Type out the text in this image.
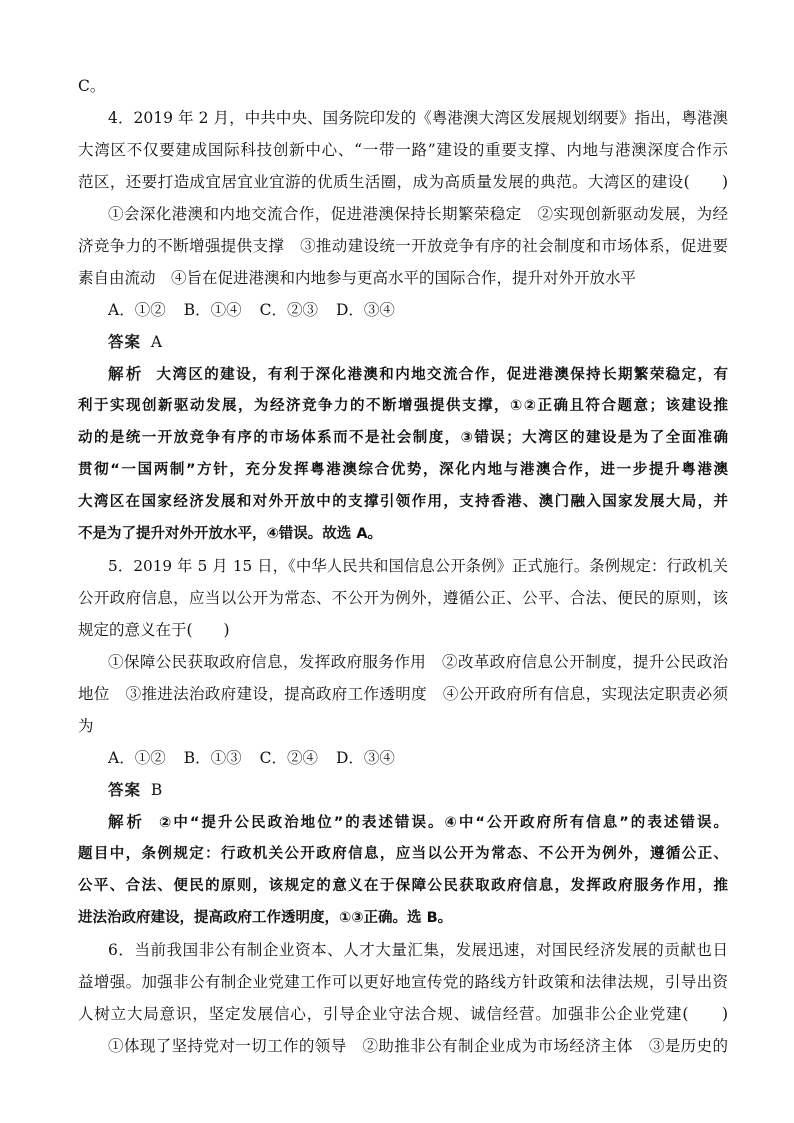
C。
4．2019 年 2 月，中共中央、国务院印发的《粤港澳大湾区发展规划纲要》指出，粤港澳
大湾区不仅要建成国际科技创新中心、“一带一路”建设的重要支撑、内地与港澳深度合作示
范区，还要打造成宜居宜业宜游的优质生活圈，成为高质量发展的典范。大湾区的建设(　　)
①会深化港澳和内地交流合作，促进港澳保持长期繁荣稳定　②实现创新驱动发展，为经
济竞争力的不断增强提供支撑　③推动建设统一开放竞争有序的社会制度和市场体系，促进要
素自由流动　④旨在促进港澳和内地参与更高水平的国际合作，提升对外开放水平
A．①② B．①④ C．②③ D．③④
答案 A
解析 大湾区的建设，有利于深化港澳和内地交流合作，促进港澳保持长期繁荣稳定，有
利于实现创新驱动发展，为经济竞争力的不断增强提供支撑，①②正确且符合题意；该建设推
动的是统一开放竞争有序的市场体系而不是社会制度，③错误；大湾区的建设是为了全面准确
贯彻“一国两制”方针，充分发挥粤港澳综合优势，深化内地与港澳合作，进一步提升粤港澳
大湾区在国家经济发展和对外开放中的支撑引领作用，支持香港、澳门融入国家发展大局，并
不是为了提升对外开放水平，④错误。故选 A。
5．2019 年 5 月 15 日，《中华人民共和国信息公开条例》正式施行。条例规定：行政机关
公开政府信息，应当以公开为常态、不公开为例外，遵循公正、公平、合法、便民的原则，该
规定的意义在于(　　)
①保障公民获取政府信息，发挥政府服务作用　②改革政府信息公开制度，提升公民政治
地位　③推进法治政府建设，提高政府工作透明度　④公开政府所有信息，实现法定职责必须
为
A．①② B．①③ C．②④ D．③④
答案 B
解析 ②中“提升公民政治地位”的表述错误。④中“公开政府所有信息”的表述错误。
题目中，条例规定：行政机关公开政府信息，应当以公开为常态、不公开为例外，遵循公正、
公平、合法、便民的原则，该规定的意义在于保障公民获取政府信息，发挥政府服务作用，推
进法治政府建设，提高政府工作透明度，①③正确。选 B。
6．当前我国非公有制企业资本、人才大量汇集，发展迅速，对国民经济发展的贡献也日
益增强。加强非公有制企业党建工作可以更好地宣传党的路线方针政策和法律法规，引导出资
人树立大局意识，坚定发展信心，引导企业守法合规、诚信经营。加强非公企业党建(　　)
①体现了坚持党对一切工作的领导　②助推非公有制企业成为市场经济主体　③是历史的
